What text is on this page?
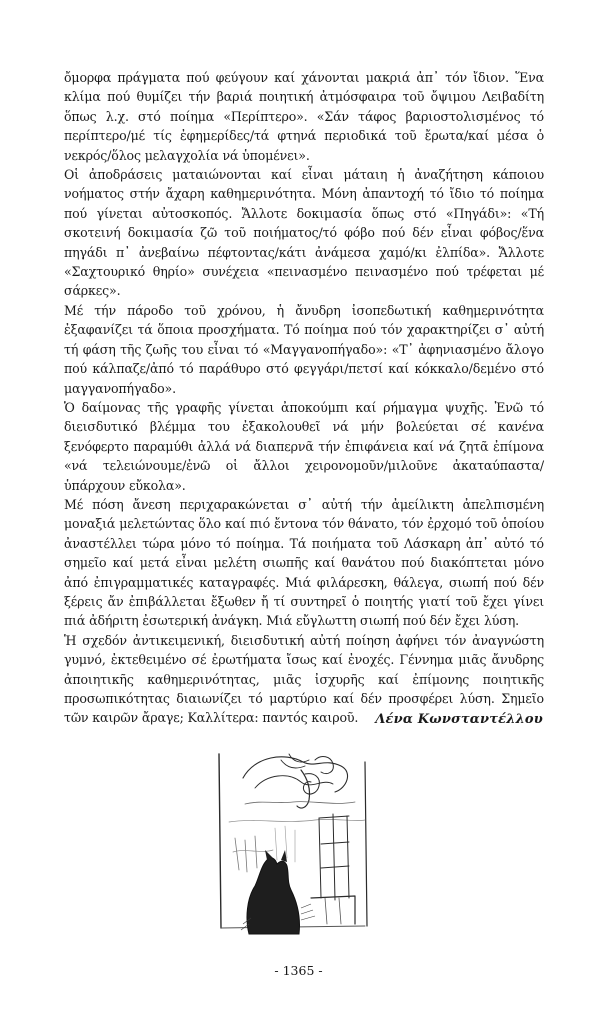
ὄμορφα πράγματα πού φεύγουν καί χάνονται μακριά ἀπ᾽ τόν ἴδιον. Ἕνα κλίμα πού θυμίζει τήν βαριά ποιητική ἀτμόσφαιρα τοῦ ὄψιμου Λειβαδίτη ὅπως λ.χ. στό ποίημα «Περίπτερο». «Σάν τάφος βαριοστολισμένος τό περίπτερο/μέ τίς ἐφημερίδες/τά φτηνά περιοδικά τοῦ ἔρωτα/καί μέσα ὁ νεκρός/ὅλος μελαγχολία νά ὑπομένει».

Οἱ ἀποδράσεις ματαιώνονται καί εἶναι μάταιη ἡ ἀναζήτηση κάποιου νοήματος στήν ἄχαρη καθημερινότητα. Μόνη ἀπαντοχή τό ἴδιο τό ποίημα πού γίνεται αὐτοσκοπός. Ἄλλοτε δοκιμασία ὅπως στό «Πηγάδι»: «Τή σκοτεινή δοκιμασία ζῶ τοῦ ποιήματος/τό φόβο πού δέν εἶναι φόβος/ἕνα πηγάδι π᾽ ἀνεβαίνω πέφτοντας/κάτι ἀνάμεσα χαμό/κι ἐλπίδα». Ἄλλοτε «Σαχτουρικό θηρίο» συνέχεια «πεινασμένο πεινασμένο πού τρέφεται μέ σάρκες».

Μέ τήν πάροδο τοῦ χρόνου, ἡ ἄνυδρη ἰσοπεδωτική καθημερινότητα ἐξαφανίζει τά ὅποια προσχήματα. Τό ποίημα πού τόν χαρακτηρίζει σ᾽ αὐτή τή φάση τῆς ζωῆς του εἶναι τό «Μαγγανοπήγαδο»: «Τ᾽ ἀφηνιασμένο ἄλογο πού κάλπαζε/ἀπό τό παράθυρο στό φεγγάρι/πετσί καί κόκκαλο/δεμένο στό μαγγανοπήγαδο».

Ὁ δαίμονας τῆς γραφῆς γίνεται ἀποκούμπι καί ρήμαγμα ψυχῆς. Ἐνῶ τό διεισδυτικό βλέμμα του ἐξακολουθεῖ νά μήν βολεύεται σέ κανένα ξενόφερτο παραμύθι ἀλλά νά διαπερνᾶ τήν ἐπιφάνεια καί νά ζητᾶ ἐπίμονα «νά τελειώνουμε/ἐνῶ οἱ ἄλλοι χειρονομοῦν/μιλοῦνε ἀκαταύπαστα/ὑπάρχουν εὔκολα».

Μέ πόση ἄνεση περιχαρακώνεται σ᾽ αὐτή τήν ἀμείλικτη ἀπελπισμένη μοναξιά μελετώντας ὅλο καί πιό ἔντονα τόν θάνατο, τόν ἐρχομό τοῦ ὁποίου ἀναστέλλει τώρα μόνο τό ποίημα. Τά ποιήματα τοῦ Λάσκαρη ἀπ᾽ αὐτό τό σημεῖο καί μετά εἶναι μελέτη σιωπῆς καί θανάτου πού διακόπτεται μόνο ἀπό ἐπιγραμματικές καταγραφές. Μιά φιλάρεσκη, θάλεγα, σιωπή πού δέν ξέρεις ἄν ἐπιβάλλεται ἔξωθεν ἤ τί συντηρεῖ ὁ ποιητής γιατί τοῦ ἔχει γίνει πιά ἀδήριτη ἐσωτερική ἀνάγκη. Μιά εὔγλωττη σιωπή πού δέν ἔχει λύση.

Ἡ σχεδόν ἀντικειμενική, διεισδυτική αὐτή ποίηση ἀφήνει τόν ἀναγνώστη γυμνό, ἐκτεθειμένο σέ ἐρωτήματα ἴσως καί ἐνοχές. Γέννημα μιᾶς ἄνυδρης ἀποιητικῆς καθημερινότητας, μιᾶς ἰσχυρῆς καί ἐπίμονης ποιητικῆς προσωπικότητας διαιωνίζει τό μαρτύριο καί δέν προσφέρει λύση. Σημεῖο τῶν καιρῶν ἄραγε; Καλλίτερα: παντός καιροῦ.	Λένα Κωνσταντέλλου
- 1365 -
